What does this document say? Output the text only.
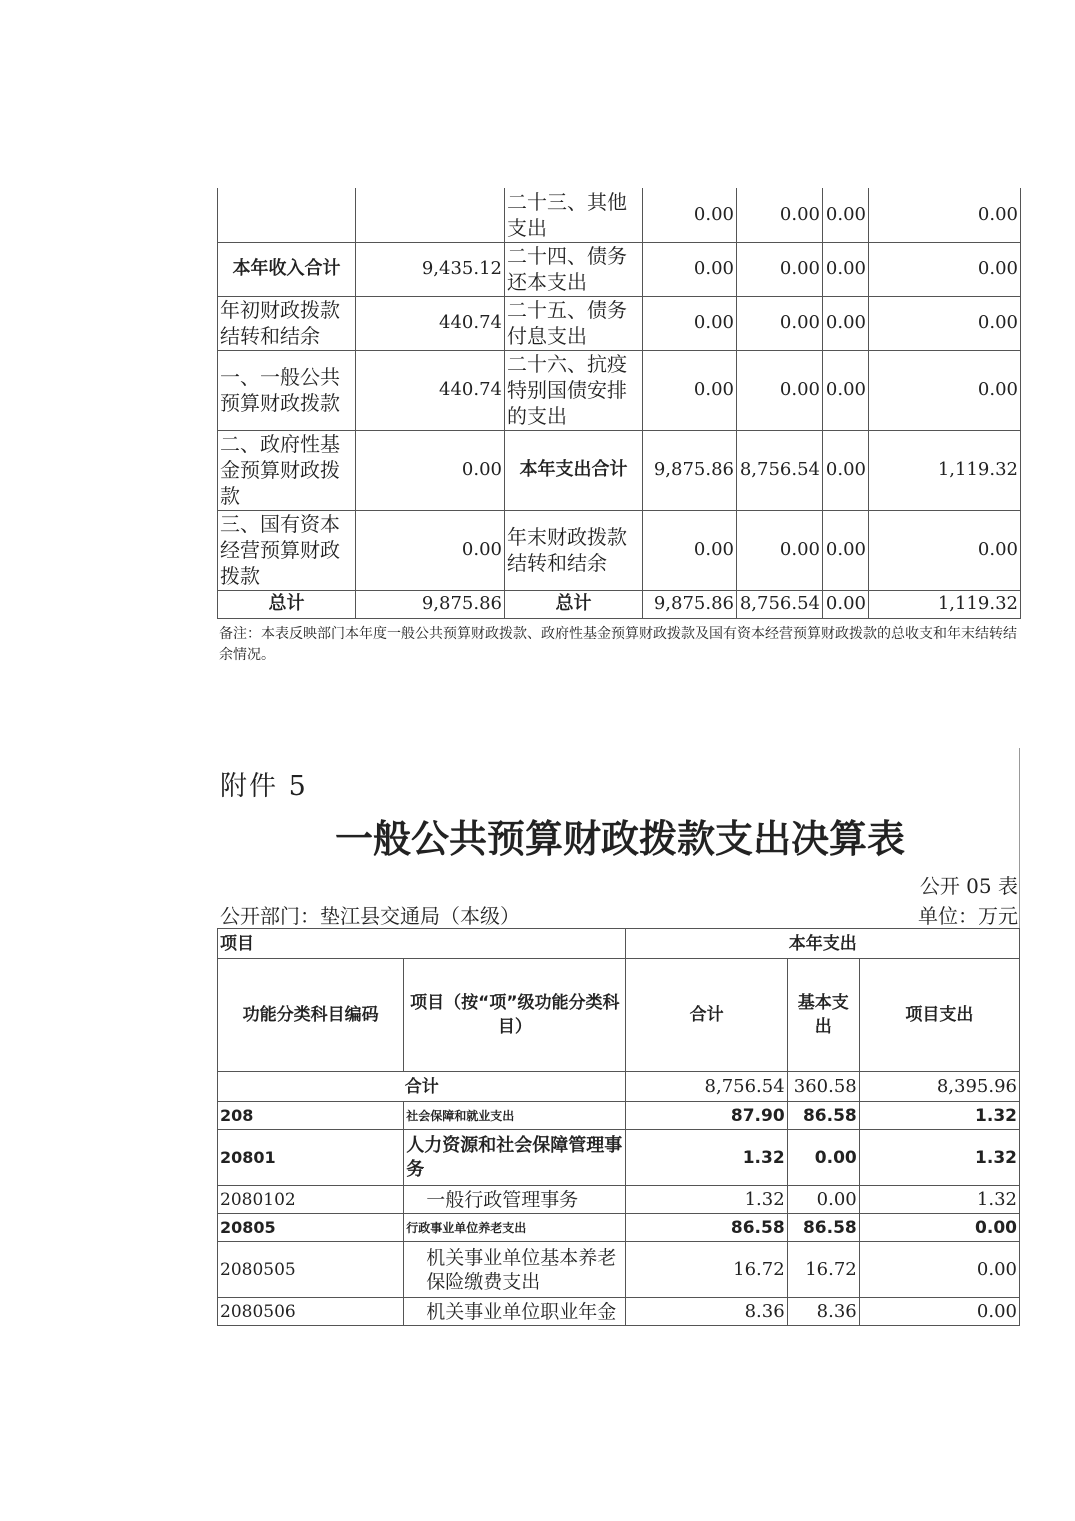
		二十三、其他支出	0.00	0.00	0.00	0.00
本年收入合计	9,435.12	二十四、债务还本支出	0.00	0.00	0.00	0.00
年初财政拨款结转和结余	440.74	二十五、债务付息支出	0.00	0.00	0.00	0.00
一、一般公共预算财政拨款	440.74	二十六、抗疫特别国债安排的支出	0.00	0.00	0.00	0.00
二、政府性基金预算财政拨款	0.00	本年支出合计	9,875.86	8,756.54	0.00	1,119.32
三、国有资本经营预算财政拨款	0.00	年末财政拨款结转和结余	0.00	0.00	0.00	0.00
总计	9,875.86	总计	9,875.86	8,756.54	0.00	1,119.32
备注：本表反映部门本年度一般公共预算财政拨款、政府性基金预算财政拨款及国有资本经营预算财政拨款的总收支和年末结转结余情况。
附件 5
一般公共预算财政拨款支出决算表
公开 05 表
公开部门：垫江县交通局（本级）	单位：万元
项目		本年支出		
功能分类科目编码	项目（按“项”级功能分类科目）	合计	基本支出	项目支出
合计		8,756.54	360.58	8,395.96
208	社会保障和就业支出	87.90	86.58	1.32
20801	人力资源和社会保障管理事务	1.32	0.00	1.32
2080102	一般行政管理事务	1.32	0.00	1.32
20805	行政事业单位养老支出	86.58	86.58	0.00
2080505	机关事业单位基本养老保险缴费支出	16.72	16.72	0.00
2080506	机关事业单位职业年金	8.36	8.36	0.00
